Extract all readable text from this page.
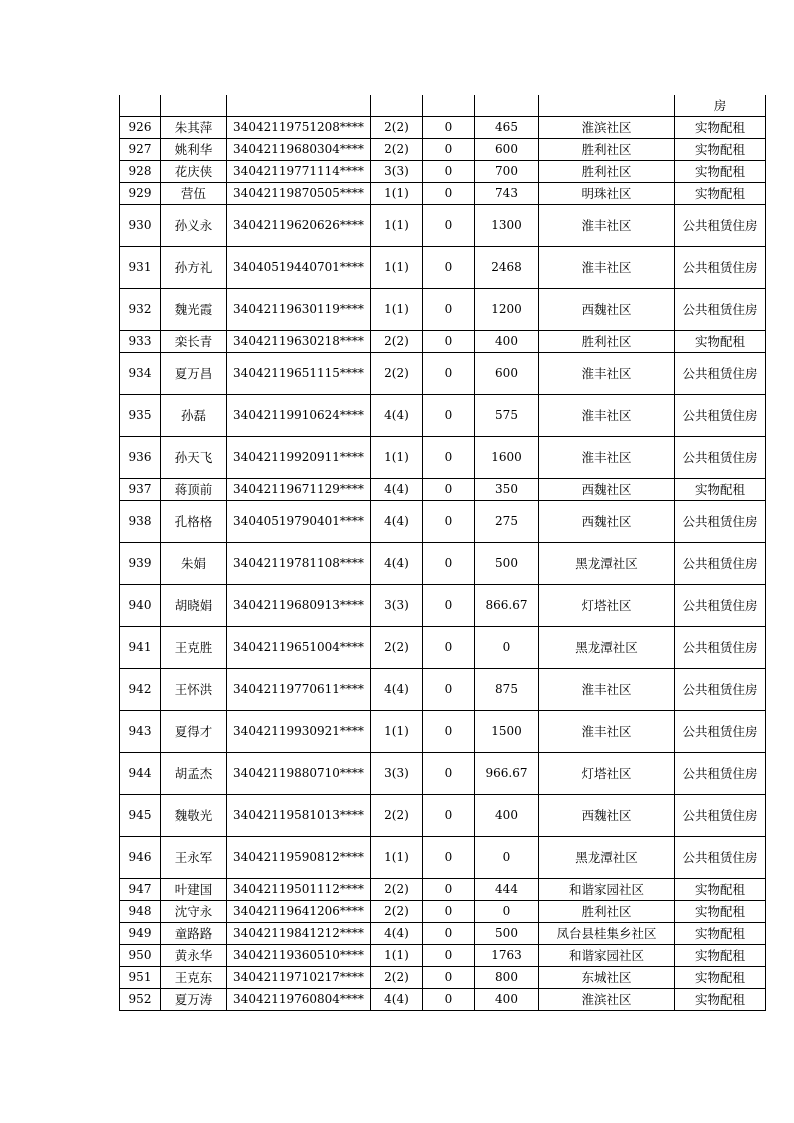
							房
926	朱其萍	34042119751208****	2(2)	0	465	淮滨社区	实物配租
927	姚利华	34042119680304****	2(2)	0	600	胜利社区	实物配租
928	花庆侠	34042119771114****	3(3)	0	700	胜利社区	实物配租
929	营伍	34042119870505****	1(1)	0	743	明珠社区	实物配租
930	孙义永	34042119620626****	1(1)	0	1300	淮丰社区	公共租赁住房
931	孙方礼	34040519440701****	1(1)	0	2468	淮丰社区	公共租赁住房
932	魏光霞	34042119630119****	1(1)	0	1200	西魏社区	公共租赁住房
933	栾长青	34042119630218****	2(2)	0	400	胜利社区	实物配租
934	夏万昌	34042119651115****	2(2)	0	600	淮丰社区	公共租赁住房
935	孙磊	34042119910624****	4(4)	0	575	淮丰社区	公共租赁住房
936	孙天飞	34042119920911****	1(1)	0	1600	淮丰社区	公共租赁住房
937	蒋顶前	34042119671129****	4(4)	0	350	西魏社区	实物配租
938	孔格格	34040519790401****	4(4)	0	275	西魏社区	公共租赁住房
939	朱娟	34042119781108****	4(4)	0	500	黑龙潭社区	公共租赁住房
940	胡晓娟	34042119680913****	3(3)	0	866.67	灯塔社区	公共租赁住房
941	王克胜	34042119651004****	2(2)	0	0	黑龙潭社区	公共租赁住房
942	王怀洪	34042119770611****	4(4)	0	875	淮丰社区	公共租赁住房
943	夏得才	34042119930921****	1(1)	0	1500	淮丰社区	公共租赁住房
944	胡孟杰	34042119880710****	3(3)	0	966.67	灯塔社区	公共租赁住房
945	魏敬光	34042119581013****	2(2)	0	400	西魏社区	公共租赁住房
946	王永军	34042119590812****	1(1)	0	0	黑龙潭社区	公共租赁住房
947	叶建国	34042119501112****	2(2)	0	444	和谐家园社区	实物配租
948	沈守永	34042119641206****	2(2)	0	0	胜利社区	实物配租
949	童路路	34042119841212****	4(4)	0	500	凤台县桂集乡社区	实物配租
950	黄永华	34042119360510****	1(1)	0	1763	和谐家园社区	实物配租
951	王克东	34042119710217****	2(2)	0	800	东城社区	实物配租
952	夏万涛	34042119760804****	4(4)	0	400	淮滨社区	实物配租
